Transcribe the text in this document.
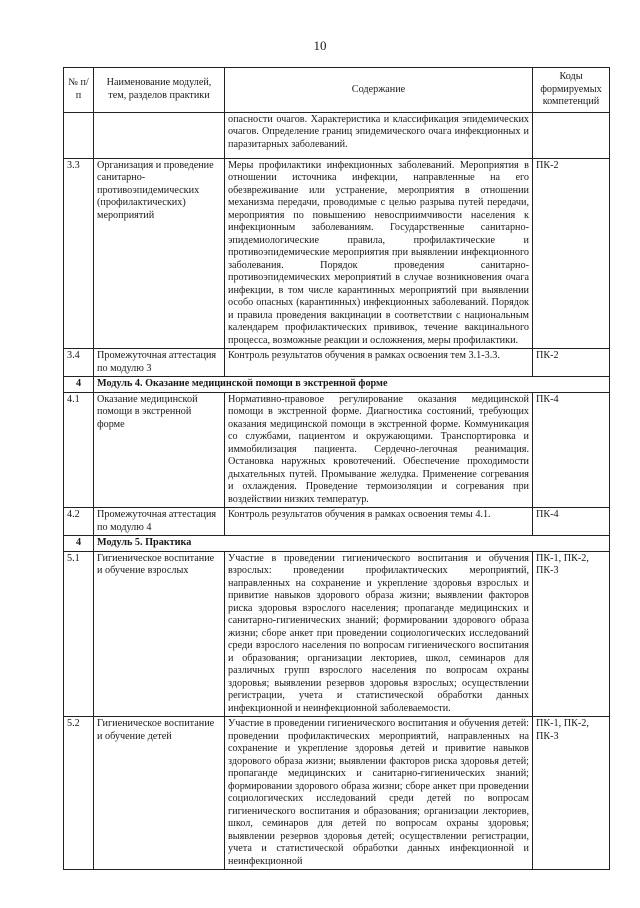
10
№ п/п	Наименование модулей, тем, разделов практики	Содержание	Коды формируемых компетенций
		опасности очагов. Характеристика и классификация эпидемических очагов. Определение границ эпидемического очага инфекционных и паразитарных заболеваний.	
3.3	Организация и проведение санитарно-противоэпидемических (профилактических) мероприятий	Меры профилактики инфекционных заболеваний. Мероприятия в отношении источника инфекции, направленные на его обезвреживание или устранение, мероприятия в отношении механизма передачи, проводимые с целью разрыва путей передачи, мероприятия по повышению невосприимчивости населения к инфекционным заболеваниям. Государственные санитарно-эпидемиологические правила, профилактические и противоэпидемические мероприятия при выявлении инфекционного заболевания. Порядок проведения санитарно-противоэпидемических мероприятий в случае возникновения очага инфекции, в том числе карантинных мероприятий при выявлении особо опасных (карантинных) инфекционных заболеваний. Порядок и правила проведения вакцинации в соответствии с национальным календарем профилактических прививок, течение вакцинального процесса, возможные реакции и осложнения, меры профилактики.	ПК-2
3.4	Промежуточная аттестация по модулю 3	Контроль результатов обучения в рамках освоения тем 3.1-3.3.	ПК-2
4	Модуль 4. Оказание медицинской помощи в экстренной форме		
4.1	Оказание медицинской помощи в экстренной форме	Нормативно-правовое регулирование оказания медицинской помощи в экстренной форме. Диагностика состояний, требующих оказания медицинской помощи в экстренной форме. Коммуникация со службами, пациентом и окружающими. Транспортировка и иммобилизация пациента. Сердечно-легочная реанимация. Остановка наружных кровотечений. Обеспечение проходимости дыхательных путей. Промывание желудка. Применение согревания и охлаждения. Проведение термоизоляции и согревания при воздействии низких температур.	ПК-4
4.2	Промежуточная аттестация по модулю 4	Контроль результатов обучения в рамках освоения темы 4.1.	ПК-4
4	Модуль 5. Практика		
5.1	Гигиеническое воспитание и обучение взрослых	Участие в проведении гигиенического воспитания и обучения взрослых: проведении профилактических мероприятий, направленных на сохранение и укрепление здоровья взрослых и привитие навыков здорового образа жизни; выявлении факторов риска здоровья взрослого населения; пропаганде медицинских и санитарно-гигиенических знаний; формировании здорового образа жизни; сборе анкет при проведении социологических исследований среди взрослого населения по вопросам гигиенического воспитания и образования; организации лекториев, школ, семинаров для различных групп взрослого населения по вопросам охраны здоровья; выявлении резервов здоровья взрослых; осуществлении регистрации, учета и статистической обработки данных инфекционной и неинфекционной заболеваемости.	ПК-1, ПК-2, ПК-3
5.2	Гигиеническое воспитание и обучение детей	Участие в проведении гигиенического воспитания и обучения детей: проведении профилактических мероприятий, направленных на сохранение и укрепление здоровья детей и привитие навыков здорового образа жизни; выявлении факторов риска здоровья детей; пропаганде медицинских и санитарно-гигиенических знаний; формировании здорового образа жизни; сборе анкет при проведении социологических исследований среди детей по вопросам гигиенического воспитания и образования; организации лекториев, школ, семинаров для детей по вопросам охраны здоровья; выявлении резервов здоровья детей; осуществлении регистрации, учета и статистической обработки данных инфекционной и неинфекционной	ПК-1, ПК-2, ПК-3
